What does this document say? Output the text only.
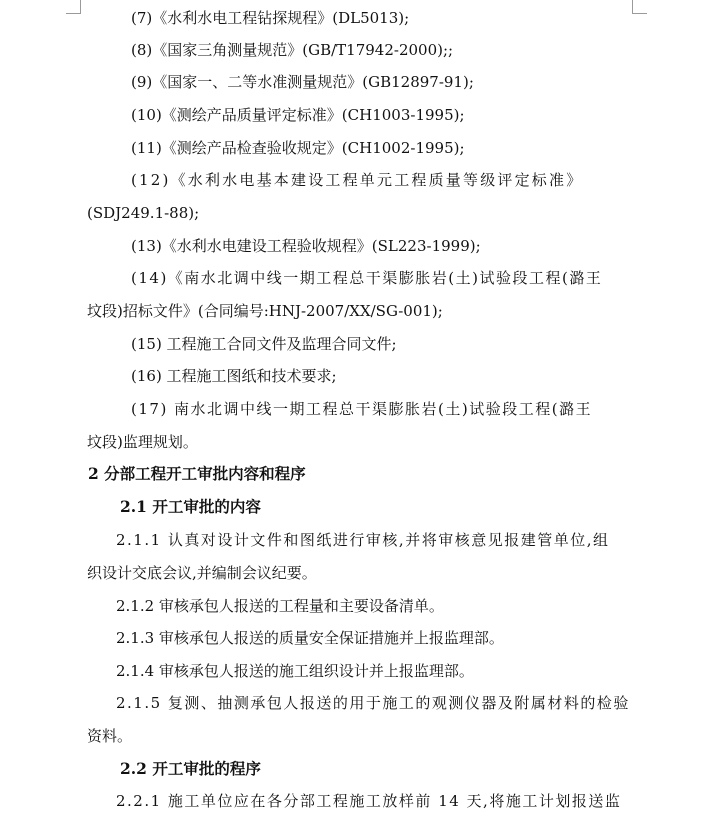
(7)《水利水电工程钻探规程》(DL5013);
(8)《国家三角测量规范》(GB/T17942-2000);;
(9)《国家一、二等水准测量规范》(GB12897-91);
(10)《测绘产品质量评定标准》(CH1003-1995);
(11)《测绘产品检查验收规定》(CH1002-1995);
(12)《水利水电基本建设工程单元工程质量等级评定标准》
(SDJ249.1-88);
(13)《水利水电建设工程验收规程》(SL223-1999);
(14)《南水北调中线一期工程总干渠膨胀岩(土)试验段工程(潞王
坟段)招标文件》(合同编号:HNJ-2007/XX/SG-001);
(15) 工程施工合同文件及监理合同文件;
(16) 工程施工图纸和技术要求;
(17) 南水北调中线一期工程总干渠膨胀岩(土)试验段工程(潞王
坟段)监理规划。
2 分部工程开工审批内容和程序
2.1 开工审批的内容
2.1.1 认真对设计文件和图纸进行审核,并将审核意见报建管单位,组
织设计交底会议,并编制会议纪要。
2.1.2 审核承包人报送的工程量和主要设备清单。
2.1.3 审核承包人报送的质量安全保证措施并上报监理部。
2.1.4 审核承包人报送的施工组织设计并上报监理部。
2.1.5 复测、抽测承包人报送的用于施工的观测仪器及附属材料的检验
资料。
2.2 开工审批的程序
2.2.1 施工单位应在各分部工程施工放样前 14 天,将施工计划报送监
